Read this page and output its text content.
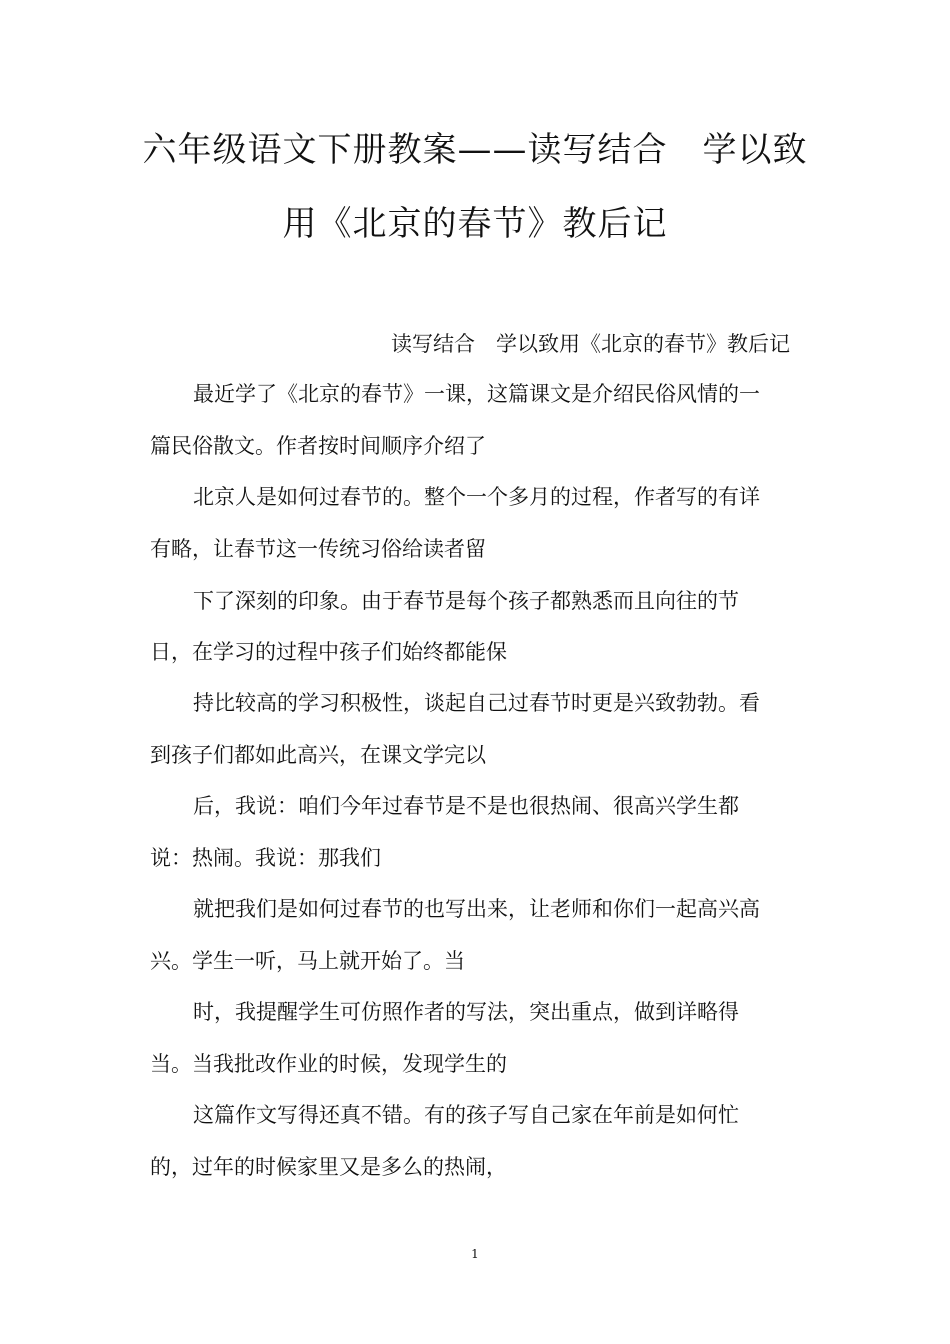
六年级语文下册教案——读写结合　学以致
用《北京的春节》教后记
读写结合　学以致用《北京的春节》教后记
最近学了《北京的春节》一课，这篇课文是介绍民俗风情的一
篇民俗散文。作者按时间顺序介绍了
北京人是如何过春节的。整个一个多月的过程，作者写的有详
有略，让春节这一传统习俗给读者留
下了深刻的印象。由于春节是每个孩子都熟悉而且向往的节
日，在学习的过程中孩子们始终都能保
持比较高的学习积极性，谈起自己过春节时更是兴致勃勃。看
到孩子们都如此高兴，在课文学完以
后，我说：咱们今年过春节是不是也很热闹、很高兴学生都
说：热闹。我说：那我们
就把我们是如何过春节的也写出来，让老师和你们一起高兴高
兴。学生一听，马上就开始了。当
时，我提醒学生可仿照作者的写法，突出重点，做到详略得
当。当我批改作业的时候，发现学生的
这篇作文写得还真不错。有的孩子写自己家在年前是如何忙
的，过年的时候家里又是多么的热闹，
1
